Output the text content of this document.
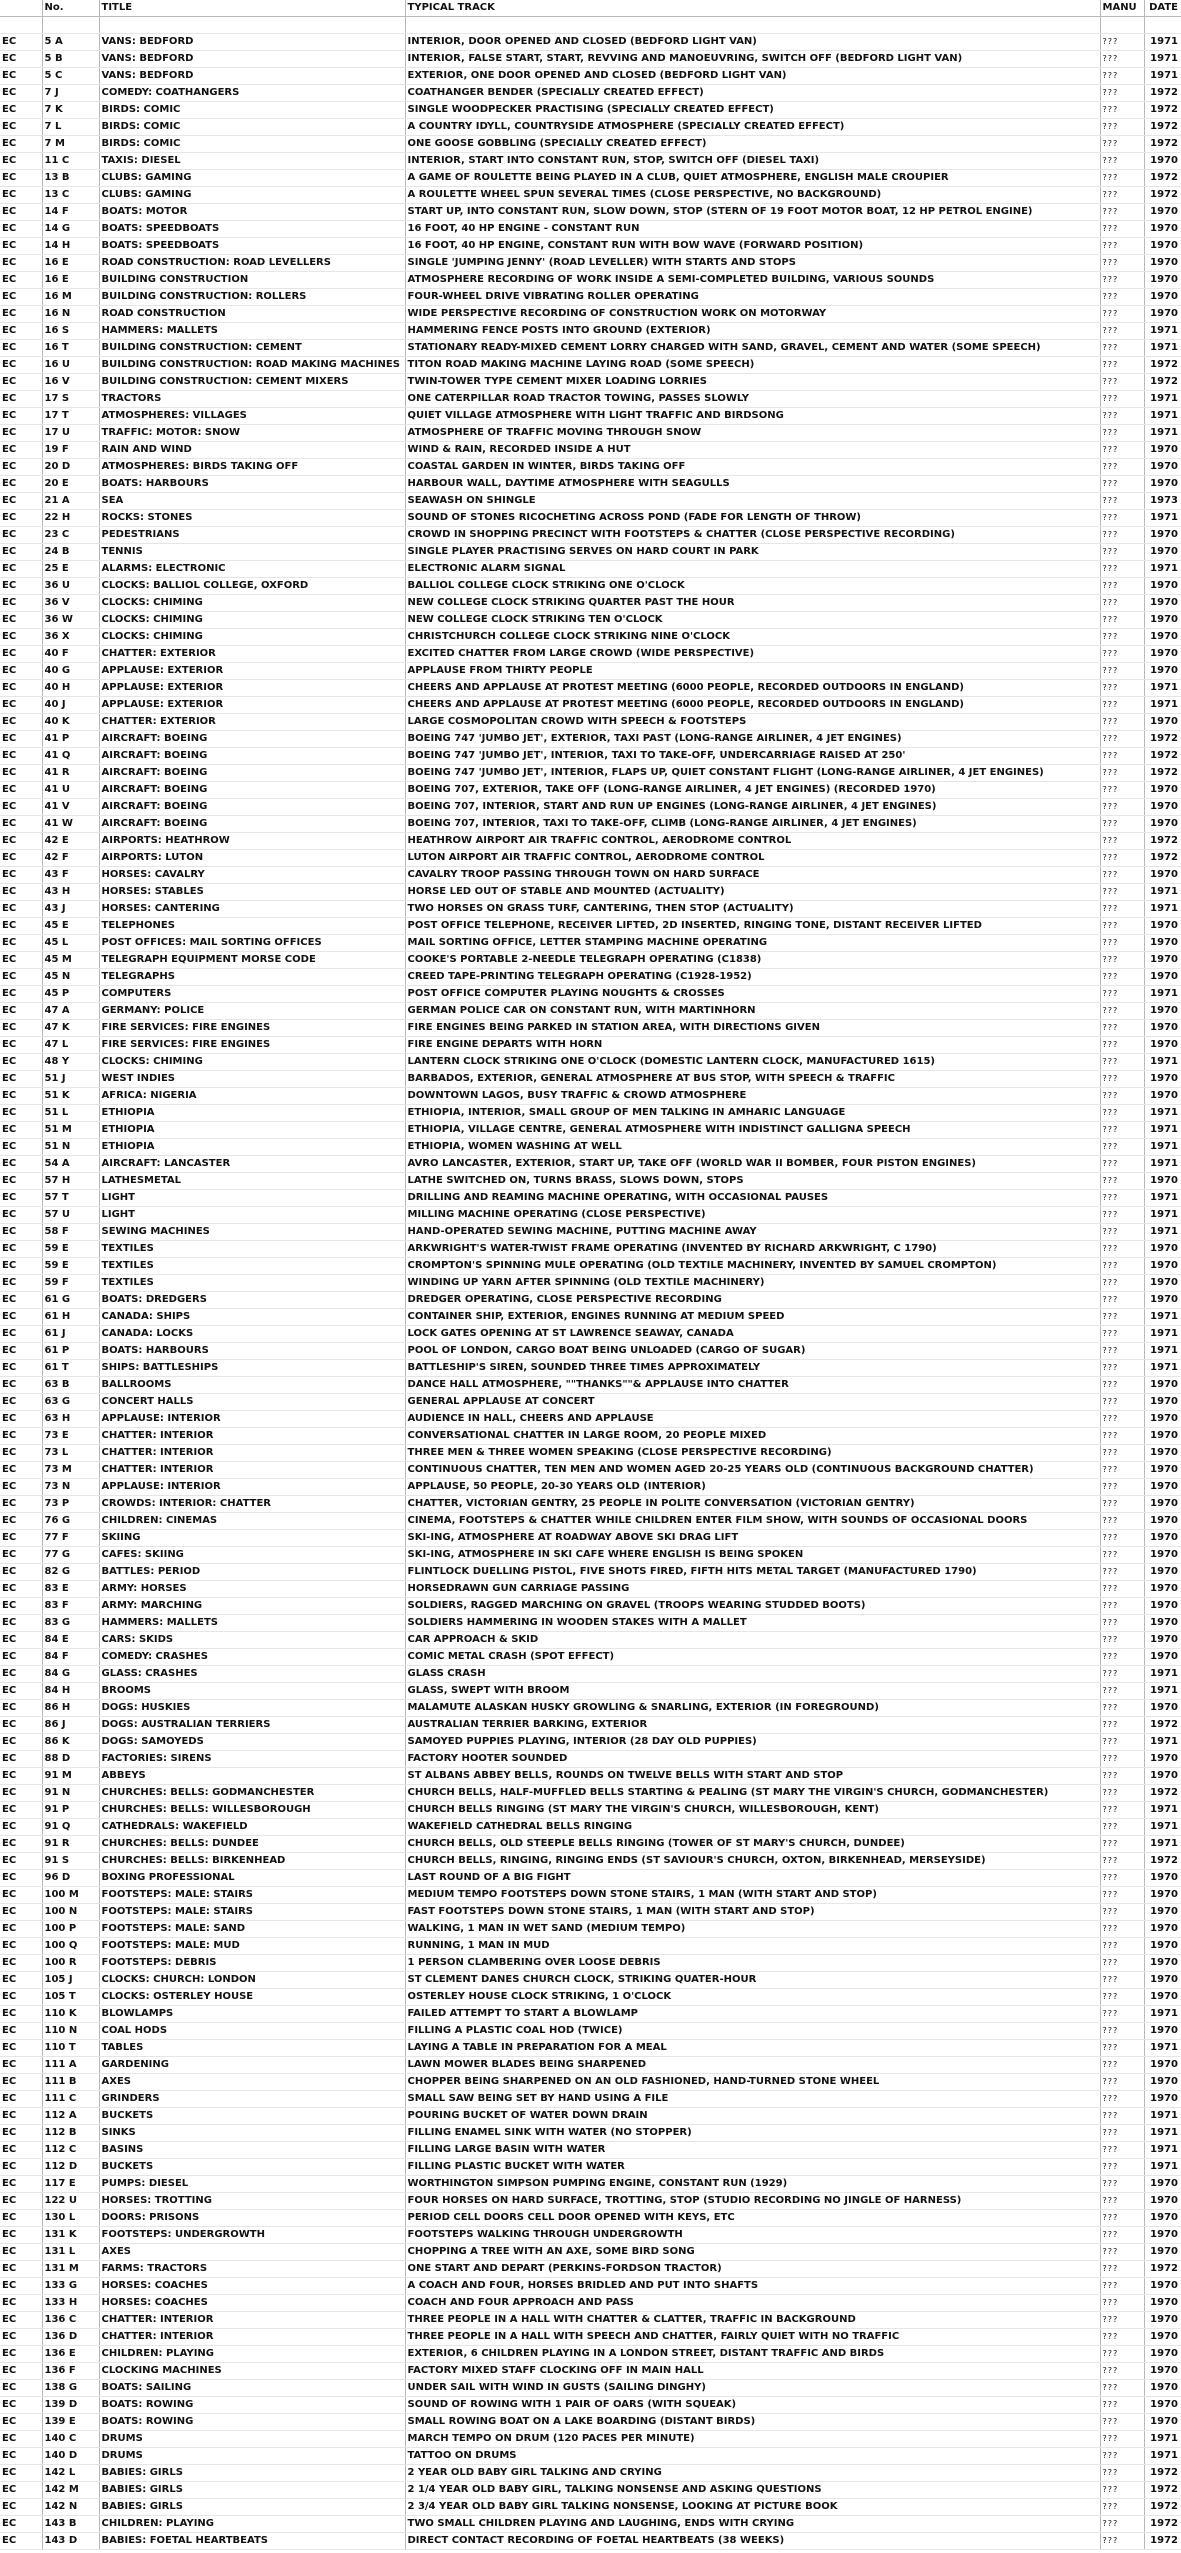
	No.	TITLE	TYPICAL TRACK	MANU	DATE

EC	5 A	VANS: BEDFORD	INTERIOR, DOOR OPENED AND CLOSED (BEDFORD LIGHT VAN)	???	1971
EC	5 B	VANS: BEDFORD	INTERIOR, FALSE START, START, REVVING AND MANOEUVRING, SWITCH OFF (BEDFORD LIGHT VAN)	???	1971
EC	5 C	VANS: BEDFORD	EXTERIOR, ONE DOOR OPENED AND CLOSED (BEDFORD LIGHT VAN)	???	1971
EC	7 J	COMEDY: COATHANGERS	COATHANGER BENDER (SPECIALLY CREATED EFFECT)	???	1972
EC	7 K	BIRDS: COMIC	SINGLE WOODPECKER PRACTISING (SPECIALLY CREATED EFFECT)	???	1972
EC	7 L	BIRDS: COMIC	A COUNTRY IDYLL, COUNTRYSIDE ATMOSPHERE (SPECIALLY CREATED EFFECT)	???	1972
EC	7 M	BIRDS: COMIC	ONE GOOSE GOBBLING (SPECIALLY CREATED EFFECT)	???	1972
EC	11 C	TAXIS: DIESEL	INTERIOR, START INTO CONSTANT RUN, STOP, SWITCH OFF (DIESEL TAXI)	???	1970
EC	13 B	CLUBS: GAMING	A GAME OF ROULETTE BEING PLAYED IN A CLUB, QUIET ATMOSPHERE, ENGLISH MALE CROUPIER	???	1972
EC	13 C	CLUBS: GAMING	A ROULETTE WHEEL SPUN SEVERAL TIMES (CLOSE PERSPECTIVE, NO BACKGROUND)	???	1972
EC	14 F	BOATS: MOTOR	START UP, INTO CONSTANT RUN, SLOW DOWN, STOP (STERN OF 19 FOOT MOTOR BOAT, 12 HP PETROL ENGINE)	???	1970
EC	14 G	BOATS: SPEEDBOATS	16 FOOT, 40 HP ENGINE - CONSTANT RUN	???	1970
EC	14 H	BOATS: SPEEDBOATS	16 FOOT, 40 HP ENGINE, CONSTANT RUN WITH BOW WAVE (FORWARD POSITION)	???	1970
EC	16 E	ROAD CONSTRUCTION: ROAD LEVELLERS	SINGLE 'JUMPING JENNY' (ROAD LEVELLER) WITH STARTS AND STOPS	???	1970
EC	16 E	BUILDING CONSTRUCTION	ATMOSPHERE RECORDING OF WORK INSIDE A SEMI-COMPLETED BUILDING, VARIOUS SOUNDS	???	1970
EC	16 M	BUILDING CONSTRUCTION: ROLLERS	FOUR-WHEEL DRIVE VIBRATING ROLLER OPERATING	???	1970
EC	16 N	ROAD CONSTRUCTION	WIDE PERSPECTIVE RECORDING OF CONSTRUCTION WORK ON MOTORWAY	???	1970
EC	16 S	HAMMERS: MALLETS	HAMMERING FENCE POSTS INTO GROUND (EXTERIOR)	???	1971
EC	16 T	BUILDING CONSTRUCTION: CEMENT	STATIONARY READY-MIXED CEMENT LORRY CHARGED WITH SAND, GRAVEL, CEMENT AND WATER (SOME SPEECH)	???	1971
EC	16 U	BUILDING CONSTRUCTION: ROAD MAKING MACHINES	TITON ROAD MAKING MACHINE LAYING ROAD (SOME SPEECH)	???	1972
EC	16 V	BUILDING CONSTRUCTION: CEMENT MIXERS	TWIN-TOWER TYPE CEMENT MIXER LOADING LORRIES	???	1972
EC	17 S	TRACTORS	ONE CATERPILLAR ROAD TRACTOR TOWING, PASSES SLOWLY	???	1971
EC	17 T	ATMOSPHERES: VILLAGES	QUIET VILLAGE ATMOSPHERE WITH LIGHT TRAFFIC AND BIRDSONG	???	1971
EC	17 U	TRAFFIC: MOTOR: SNOW	ATMOSPHERE OF TRAFFIC MOVING THROUGH SNOW	???	1971
EC	19 F	RAIN AND WIND	WIND & RAIN, RECORDED INSIDE A HUT	???	1970
EC	20 D	ATMOSPHERES: BIRDS TAKING OFF	COASTAL GARDEN IN WINTER, BIRDS TAKING OFF	???	1970
EC	20 E	BOATS: HARBOURS	HARBOUR WALL, DAYTIME ATMOSPHERE WITH SEAGULLS	???	1970
EC	21 A	SEA	SEAWASH ON SHINGLE	???	1973
EC	22 H	ROCKS: STONES	SOUND OF STONES RICOCHETING ACROSS POND (FADE FOR LENGTH OF THROW)	???	1971
EC	23 C	PEDESTRIANS	CROWD IN SHOPPING PRECINCT WITH FOOTSTEPS & CHATTER (CLOSE PERSPECTIVE RECORDING)	???	1970
EC	24 B	TENNIS	SINGLE PLAYER PRACTISING SERVES ON HARD COURT IN PARK	???	1970
EC	25 E	ALARMS: ELECTRONIC	ELECTRONIC ALARM SIGNAL	???	1971
EC	36 U	CLOCKS: BALLIOL COLLEGE, OXFORD	BALLIOL COLLEGE CLOCK STRIKING ONE O'CLOCK	???	1970
EC	36 V	CLOCKS: CHIMING	NEW COLLEGE CLOCK STRIKING QUARTER PAST THE HOUR	???	1970
EC	36 W	CLOCKS: CHIMING	NEW COLLEGE CLOCK STRIKING TEN O'CLOCK	???	1970
EC	36 X	CLOCKS: CHIMING	CHRISTCHURCH COLLEGE CLOCK STRIKING NINE O'CLOCK	???	1970
EC	40 F	CHATTER: EXTERIOR	EXCITED CHATTER FROM LARGE CROWD (WIDE PERSPECTIVE)	???	1970
EC	40 G	APPLAUSE: EXTERIOR	APPLAUSE FROM THIRTY PEOPLE	???	1970
EC	40 H	APPLAUSE: EXTERIOR	CHEERS AND APPLAUSE AT PROTEST MEETING (6000 PEOPLE, RECORDED OUTDOORS IN ENGLAND)	???	1971
EC	40 J	APPLAUSE: EXTERIOR	CHEERS AND APPLAUSE AT PROTEST MEETING (6000 PEOPLE, RECORDED OUTDOORS IN ENGLAND)	???	1971
EC	40 K	CHATTER: EXTERIOR	LARGE COSMOPOLITAN CROWD WITH SPEECH & FOOTSTEPS	???	1970
EC	41 P	AIRCRAFT: BOEING	BOEING 747 'JUMBO JET', EXTERIOR, TAXI PAST (LONG-RANGE AIRLINER, 4 JET ENGINES)	???	1972
EC	41 Q	AIRCRAFT: BOEING	BOEING 747 'JUMBO JET', INTERIOR, TAXI TO TAKE-OFF, UNDERCARRIAGE RAISED AT 250'	???	1972
EC	41 R	AIRCRAFT: BOEING	BOEING 747 'JUMBO JET', INTERIOR, FLAPS UP, QUIET CONSTANT FLIGHT (LONG-RANGE AIRLINER, 4 JET ENGINES)	???	1972
EC	41 U	AIRCRAFT: BOEING	BOEING 707, EXTERIOR, TAKE OFF (LONG-RANGE AIRLINER, 4 JET ENGINES) (RECORDED 1970)	???	1970
EC	41 V	AIRCRAFT: BOEING	BOEING 707, INTERIOR, START AND RUN UP ENGINES (LONG-RANGE AIRLINER, 4 JET ENGINES)	???	1970
EC	41 W	AIRCRAFT: BOEING	BOEING 707, INTERIOR, TAXI TO TAKE-OFF, CLIMB (LONG-RANGE AIRLINER, 4 JET ENGINES)	???	1970
EC	42 E	AIRPORTS: HEATHROW	HEATHROW AIRPORT AIR TRAFFIC CONTROL, AERODROME CONTROL	???	1972
EC	42 F	AIRPORTS: LUTON	LUTON AIRPORT AIR TRAFFIC CONTROL, AERODROME CONTROL	???	1972
EC	43 F	HORSES: CAVALRY	CAVALRY TROOP PASSING THROUGH TOWN ON HARD SURFACE	???	1970
EC	43 H	HORSES: STABLES	HORSE LED OUT OF STABLE AND MOUNTED (ACTUALITY)	???	1971
EC	43 J	HORSES: CANTERING	TWO HORSES ON GRASS TURF, CANTERING, THEN STOP (ACTUALITY)	???	1971
EC	45 E	TELEPHONES	POST OFFICE TELEPHONE, RECEIVER LIFTED, 2D INSERTED, RINGING TONE, DISTANT RECEIVER LIFTED	???	1970
EC	45 L	POST OFFICES: MAIL SORTING OFFICES	MAIL SORTING OFFICE, LETTER STAMPING MACHINE OPERATING	???	1970
EC	45 M	TELEGRAPH EQUIPMENT MORSE CODE	COOKE'S PORTABLE 2-NEEDLE TELEGRAPH OPERATING (C1838)	???	1970
EC	45 N	TELEGRAPHS	CREED TAPE-PRINTING TELEGRAPH OPERATING (C1928-1952)	???	1970
EC	45 P	COMPUTERS	POST OFFICE COMPUTER PLAYING NOUGHTS & CROSSES	???	1971
EC	47 A	GERMANY: POLICE	GERMAN POLICE CAR ON CONSTANT RUN, WITH MARTINHORN	???	1970
EC	47 K	FIRE SERVICES: FIRE ENGINES	FIRE ENGINES BEING PARKED IN STATION AREA, WITH DIRECTIONS GIVEN	???	1970
EC	47 L	FIRE SERVICES: FIRE ENGINES	FIRE ENGINE DEPARTS WITH HORN	???	1970
EC	48 Y	CLOCKS: CHIMING	LANTERN CLOCK STRIKING ONE O'CLOCK (DOMESTIC LANTERN CLOCK, MANUFACTURED 1615)	???	1971
EC	51 J	WEST INDIES	BARBADOS, EXTERIOR, GENERAL ATMOSPHERE AT BUS STOP, WITH SPEECH & TRAFFIC	???	1970
EC	51 K	AFRICA: NIGERIA	DOWNTOWN LAGOS, BUSY TRAFFIC & CROWD ATMOSPHERE	???	1970
EC	51 L	ETHIOPIA	ETHIOPIA, INTERIOR, SMALL GROUP OF MEN TALKING IN AMHARIC LANGUAGE	???	1971
EC	51 M	ETHIOPIA	ETHIOPIA, VILLAGE CENTRE, GENERAL ATMOSPHERE WITH INDISTINCT GALLIGNA SPEECH	???	1971
EC	51 N	ETHIOPIA	ETHIOPIA, WOMEN WASHING AT WELL	???	1971
EC	54 A	AIRCRAFT: LANCASTER	AVRO LANCASTER, EXTERIOR, START UP, TAKE OFF (WORLD WAR II BOMBER, FOUR PISTON ENGINES)	???	1971
EC	57 H	LATHESMETAL	LATHE SWITCHED ON, TURNS BRASS, SLOWS DOWN, STOPS	???	1970
EC	57 T	LIGHT	DRILLING AND REAMING MACHINE OPERATING, WITH OCCASIONAL PAUSES	???	1971
EC	57 U	LIGHT	MILLING MACHINE OPERATING (CLOSE PERSPECTIVE)	???	1971
EC	58 F	SEWING MACHINES	HAND-OPERATED SEWING MACHINE, PUTTING MACHINE AWAY	???	1971
EC	59 E	TEXTILES	ARKWRIGHT'S WATER-TWIST FRAME OPERATING (INVENTED BY RICHARD ARKWRIGHT, C 1790)	???	1970
EC	59 E	TEXTILES	CROMPTON'S SPINNING MULE OPERATING (OLD TEXTILE MACHINERY, INVENTED BY SAMUEL CROMPTON)	???	1970
EC	59 F	TEXTILES	WINDING UP YARN AFTER SPINNING (OLD TEXTILE MACHINERY)	???	1970
EC	61 G	BOATS: DREDGERS	DREDGER OPERATING, CLOSE PERSPECTIVE RECORDING	???	1970
EC	61 H	CANADA: SHIPS	CONTAINER SHIP, EXTERIOR, ENGINES RUNNING AT MEDIUM SPEED	???	1971
EC	61 J	CANADA: LOCKS	LOCK GATES OPENING AT ST LAWRENCE SEAWAY, CANADA	???	1971
EC	61 P	BOATS: HARBOURS	POOL OF LONDON, CARGO BOAT BEING UNLOADED (CARGO OF SUGAR)	???	1971
EC	61 T	SHIPS: BATTLESHIPS	BATTLESHIP'S SIREN, SOUNDED THREE TIMES APPROXIMATELY	???	1971
EC	63 B	BALLROOMS	DANCE HALL ATMOSPHERE, ""THANKS""& APPLAUSE INTO CHATTER	???	1970
EC	63 G	CONCERT HALLS	GENERAL APPLAUSE AT CONCERT	???	1970
EC	63 H	APPLAUSE: INTERIOR	AUDIENCE IN HALL, CHEERS AND APPLAUSE	???	1970
EC	73 E	CHATTER: INTERIOR	CONVERSATIONAL CHATTER IN LARGE ROOM, 20 PEOPLE MIXED	???	1970
EC	73 L	CHATTER: INTERIOR	THREE MEN & THREE WOMEN SPEAKING (CLOSE PERSPECTIVE RECORDING)	???	1970
EC	73 M	CHATTER: INTERIOR	CONTINUOUS CHATTER, TEN MEN AND WOMEN AGED 20-25 YEARS OLD (CONTINUOUS BACKGROUND CHATTER)	???	1970
EC	73 N	APPLAUSE: INTERIOR	APPLAUSE, 50 PEOPLE, 20-30 YEARS OLD (INTERIOR)	???	1970
EC	73 P	CROWDS: INTERIOR: CHATTER	CHATTER, VICTORIAN GENTRY, 25 PEOPLE IN POLITE CONVERSATION (VICTORIAN GENTRY)	???	1970
EC	76 G	CHILDREN: CINEMAS	CINEMA, FOOTSTEPS & CHATTER WHILE CHILDREN ENTER FILM SHOW, WITH SOUNDS OF OCCASIONAL DOORS	???	1970
EC	77 F	SKIING	SKI-ING, ATMOSPHERE AT ROADWAY ABOVE SKI DRAG LIFT	???	1970
EC	77 G	CAFES: SKIING	SKI-ING, ATMOSPHERE IN SKI CAFE WHERE ENGLISH IS BEING SPOKEN	???	1970
EC	82 G	BATTLES: PERIOD	FLINTLOCK DUELLING PISTOL, FIVE SHOTS FIRED, FIFTH HITS METAL TARGET (MANUFACTURED 1790)	???	1970
EC	83 E	ARMY: HORSES	HORSEDRAWN GUN CARRIAGE PASSING	???	1970
EC	83 F	ARMY: MARCHING	SOLDIERS, RAGGED MARCHING ON GRAVEL (TROOPS WEARING STUDDED BOOTS)	???	1970
EC	83 G	HAMMERS: MALLETS	SOLDIERS HAMMERING IN WOODEN STAKES WITH A MALLET	???	1970
EC	84 E	CARS: SKIDS	CAR APPROACH & SKID	???	1970
EC	84 F	COMEDY: CRASHES	COMIC METAL CRASH (SPOT EFFECT)	???	1970
EC	84 G	GLASS: CRASHES	GLASS CRASH	???	1971
EC	84 H	BROOMS	GLASS, SWEPT WITH BROOM	???	1971
EC	86 H	DOGS: HUSKIES	MALAMUTE ALASKAN HUSKY GROWLING & SNARLING, EXTERIOR (IN FOREGROUND)	???	1970
EC	86 J	DOGS: AUSTRALIAN TERRIERS	AUSTRALIAN TERRIER BARKING, EXTERIOR	???	1972
EC	86 K	DOGS: SAMOYEDS	SAMOYED PUPPIES PLAYING, INTERIOR (28 DAY OLD PUPPIES)	???	1971
EC	88 D	FACTORIES: SIRENS	FACTORY HOOTER SOUNDED	???	1970
EC	91 M	ABBEYS	ST ALBANS ABBEY BELLS, ROUNDS ON TWELVE BELLS WITH START AND STOP	???	1970
EC	91 N	CHURCHES: BELLS: GODMANCHESTER	CHURCH BELLS, HALF-MUFFLED BELLS STARTING & PEALING (ST MARY THE VIRGIN'S CHURCH, GODMANCHESTER)	???	1972
EC	91 P	CHURCHES: BELLS: WILLESBOROUGH	CHURCH BELLS RINGING (ST MARY THE VIRGIN'S CHURCH, WILLESBOROUGH, KENT)	???	1971
EC	91 Q	CATHEDRALS: WAKEFIELD	WAKEFIELD CATHEDRAL BELLS RINGING	???	1971
EC	91 R	CHURCHES: BELLS: DUNDEE	CHURCH BELLS, OLD STEEPLE BELLS RINGING (TOWER OF ST MARY'S CHURCH, DUNDEE)	???	1971
EC	91 S	CHURCHES: BELLS: BIRKENHEAD	CHURCH BELLS, RINGING, RINGING ENDS (ST SAVIOUR'S CHURCH, OXTON, BIRKENHEAD, MERSEYSIDE)	???	1972
EC	96 D	BOXING PROFESSIONAL	LAST ROUND OF A BIG FIGHT	???	1970
EC	100 M	FOOTSTEPS: MALE: STAIRS	MEDIUM TEMPO FOOTSTEPS DOWN STONE STAIRS, 1 MAN (WITH START AND STOP)	???	1970
EC	100 N	FOOTSTEPS: MALE: STAIRS	FAST FOOTSTEPS DOWN STONE STAIRS, 1 MAN (WITH START AND STOP)	???	1970
EC	100 P	FOOTSTEPS: MALE: SAND	WALKING, 1 MAN IN WET SAND (MEDIUM TEMPO)	???	1970
EC	100 Q	FOOTSTEPS: MALE: MUD	RUNNING, 1 MAN IN MUD	???	1970
EC	100 R	FOOTSTEPS: DEBRIS	1 PERSON CLAMBERING OVER LOOSE DEBRIS	???	1970
EC	105 J	CLOCKS: CHURCH: LONDON	ST CLEMENT DANES CHURCH CLOCK, STRIKING QUATER-HOUR	???	1970
EC	105 T	CLOCKS: OSTERLEY HOUSE	OSTERLEY HOUSE CLOCK STRIKING, 1 O'CLOCK	???	1970
EC	110 K	BLOWLAMPS	FAILED ATTEMPT TO START A BLOWLAMP	???	1971
EC	110 N	COAL HODS	FILLING A PLASTIC COAL HOD (TWICE)	???	1970
EC	110 T	TABLES	LAYING A TABLE IN PREPARATION FOR A MEAL	???	1971
EC	111 A	GARDENING	LAWN MOWER BLADES BEING SHARPENED	???	1970
EC	111 B	AXES	CHOPPER BEING SHARPENED ON AN OLD FASHIONED, HAND-TURNED STONE WHEEL	???	1970
EC	111 C	GRINDERS	SMALL SAW BEING SET BY HAND USING A FILE	???	1970
EC	112 A	BUCKETS	POURING BUCKET OF WATER DOWN DRAIN	???	1971
EC	112 B	SINKS	FILLING ENAMEL SINK WITH WATER (NO STOPPER)	???	1971
EC	112 C	BASINS	FILLING LARGE BASIN WITH WATER	???	1971
EC	112 D	BUCKETS	FILLING PLASTIC BUCKET WITH WATER	???	1971
EC	117 E	PUMPS: DIESEL	WORTHINGTON SIMPSON PUMPING ENGINE, CONSTANT RUN (1929)	???	1970
EC	122 U	HORSES: TROTTING	FOUR HORSES ON HARD SURFACE, TROTTING, STOP (STUDIO RECORDING NO JINGLE OF HARNESS)	???	1970
EC	130 L	DOORS: PRISONS	PERIOD CELL DOORS CELL DOOR OPENED WITH KEYS, ETC	???	1970
EC	131 K	FOOTSTEPS: UNDERGROWTH	FOOTSTEPS WALKING THROUGH UNDERGROWTH	???	1970
EC	131 L	AXES	CHOPPING A TREE WITH AN AXE, SOME BIRD SONG	???	1970
EC	131 M	FARMS: TRACTORS	ONE START AND DEPART (PERKINS-FORDSON TRACTOR)	???	1972
EC	133 G	HORSES: COACHES	A COACH AND FOUR, HORSES BRIDLED AND PUT INTO SHAFTS	???	1970
EC	133 H	HORSES: COACHES	COACH AND FOUR APPROACH AND PASS	???	1970
EC	136 C	CHATTER: INTERIOR	THREE PEOPLE IN A HALL WITH CHATTER & CLATTER, TRAFFIC IN BACKGROUND	???	1970
EC	136 D	CHATTER: INTERIOR	THREE PEOPLE IN A HALL WITH SPEECH AND CHATTER, FAIRLY QUIET WITH NO TRAFFIC	???	1970
EC	136 E	CHILDREN: PLAYING	EXTERIOR, 6 CHILDREN PLAYING IN A LONDON STREET, DISTANT TRAFFIC AND BIRDS	???	1970
EC	136 F	CLOCKING MACHINES	FACTORY MIXED STAFF CLOCKING OFF IN MAIN HALL	???	1970
EC	138 G	BOATS: SAILING	UNDER SAIL WITH WIND IN GUSTS (SAILING DINGHY)	???	1970
EC	139 D	BOATS: ROWING	SOUND OF ROWING WITH 1 PAIR OF OARS (WITH SQUEAK)	???	1970
EC	139 E	BOATS: ROWING	SMALL ROWING BOAT ON A LAKE BOARDING (DISTANT BIRDS)	???	1970
EC	140 C	DRUMS	MARCH TEMPO ON DRUM (120 PACES PER MINUTE)	???	1971
EC	140 D	DRUMS	TATTOO ON DRUMS	???	1971
EC	142 L	BABIES: GIRLS	2 YEAR OLD BABY GIRL TALKING AND CRYING	???	1972
EC	142 M	BABIES: GIRLS	2 1/4 YEAR OLD BABY GIRL, TALKING NONSENSE AND ASKING QUESTIONS	???	1972
EC	142 N	BABIES: GIRLS	2 3/4 YEAR OLD BABY GIRL TALKING NONSENSE, LOOKING AT PICTURE BOOK	???	1972
EC	143 B	CHILDREN: PLAYING	TWO SMALL CHILDREN PLAYING AND LAUGHING, ENDS WITH CRYING	???	1972
EC	143 D	BABIES: FOETAL HEARTBEATS	DIRECT CONTACT RECORDING OF FOETAL HEARTBEATS (38 WEEKS)	???	1972
